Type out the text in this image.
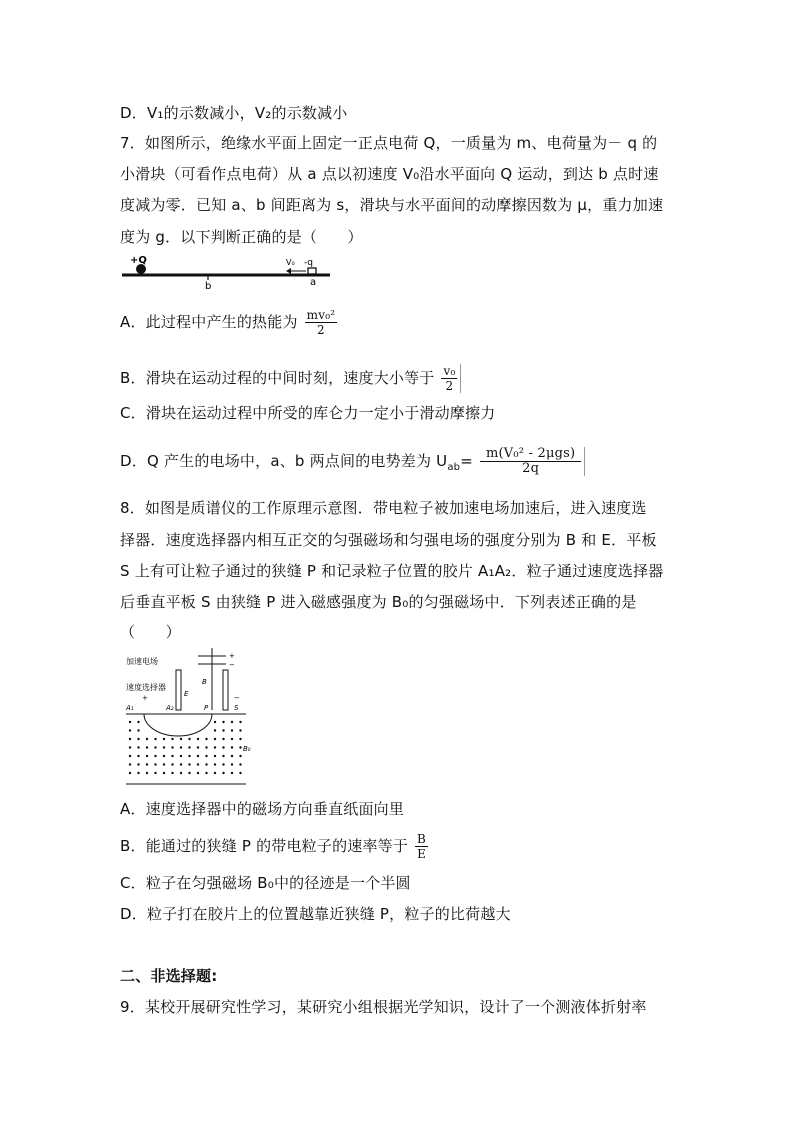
D．V₁的示数减小，V₂的示数减小
7．如图所示，绝缘水平面上固定一正点电荷 Q，一质量为 m、电荷量为－ q 的
小滑块（可看作点电荷）从 a 点以初速度 V₀沿水平面向 Q 运动，到达 b 点时速
度减为零．已知 a、b 间距离为 s，滑块与水平面间的动摩擦因数为 μ，重力加速
度为 g．以下判断正确的是（　　）
+Q	V₀ -q
b	a
A．此过程中产生的热能为 $\frac{\text{mv₀²}}{2}$
B．滑块在运动过程的中间时刻，速度大小等于 $\frac{\text{v₀}}{2}$
C．滑块在运动过程中所受的库仑力一定小于滑动摩擦力
D．Q 产生的电场中，a、b 两点间的电势差为 $U_{ab}= \frac{\text{m(V₀² - 2μgs)}}{2q}$
8．如图是质谱仪的工作原理示意图．带电粒子被加速电场加速后，进入速度选
择器．速度选择器内相互正交的匀强磁场和匀强电场的强度分别为 B 和 E．平板
S 上有可让粒子通过的狭缝 P 和记录粒子位置的胶片 A₁A₂．粒子通过速度选择器
后垂直平板 S 由狭缝 P 进入磁感强度为 B₀的匀强磁场中．下列表述正确的是
（　　）
加速电场
+
−
速度选择器
+	−
E
B
A₁	A₂	P	S
B₀
A．速度选择器中的磁场方向垂直纸面向里
B．能通过的狭缝 P 的带电粒子的速率等于 $\frac{B}{E}$
C．粒子在匀强磁场 B₀中的径迹是一个半圆
D．粒子打在胶片上的位置越靠近狭缝 P，粒子的比荷越大
二、非选择题:
9．某校开展研究性学习，某研究小组根据光学知识，设计了一个测液体折射率
